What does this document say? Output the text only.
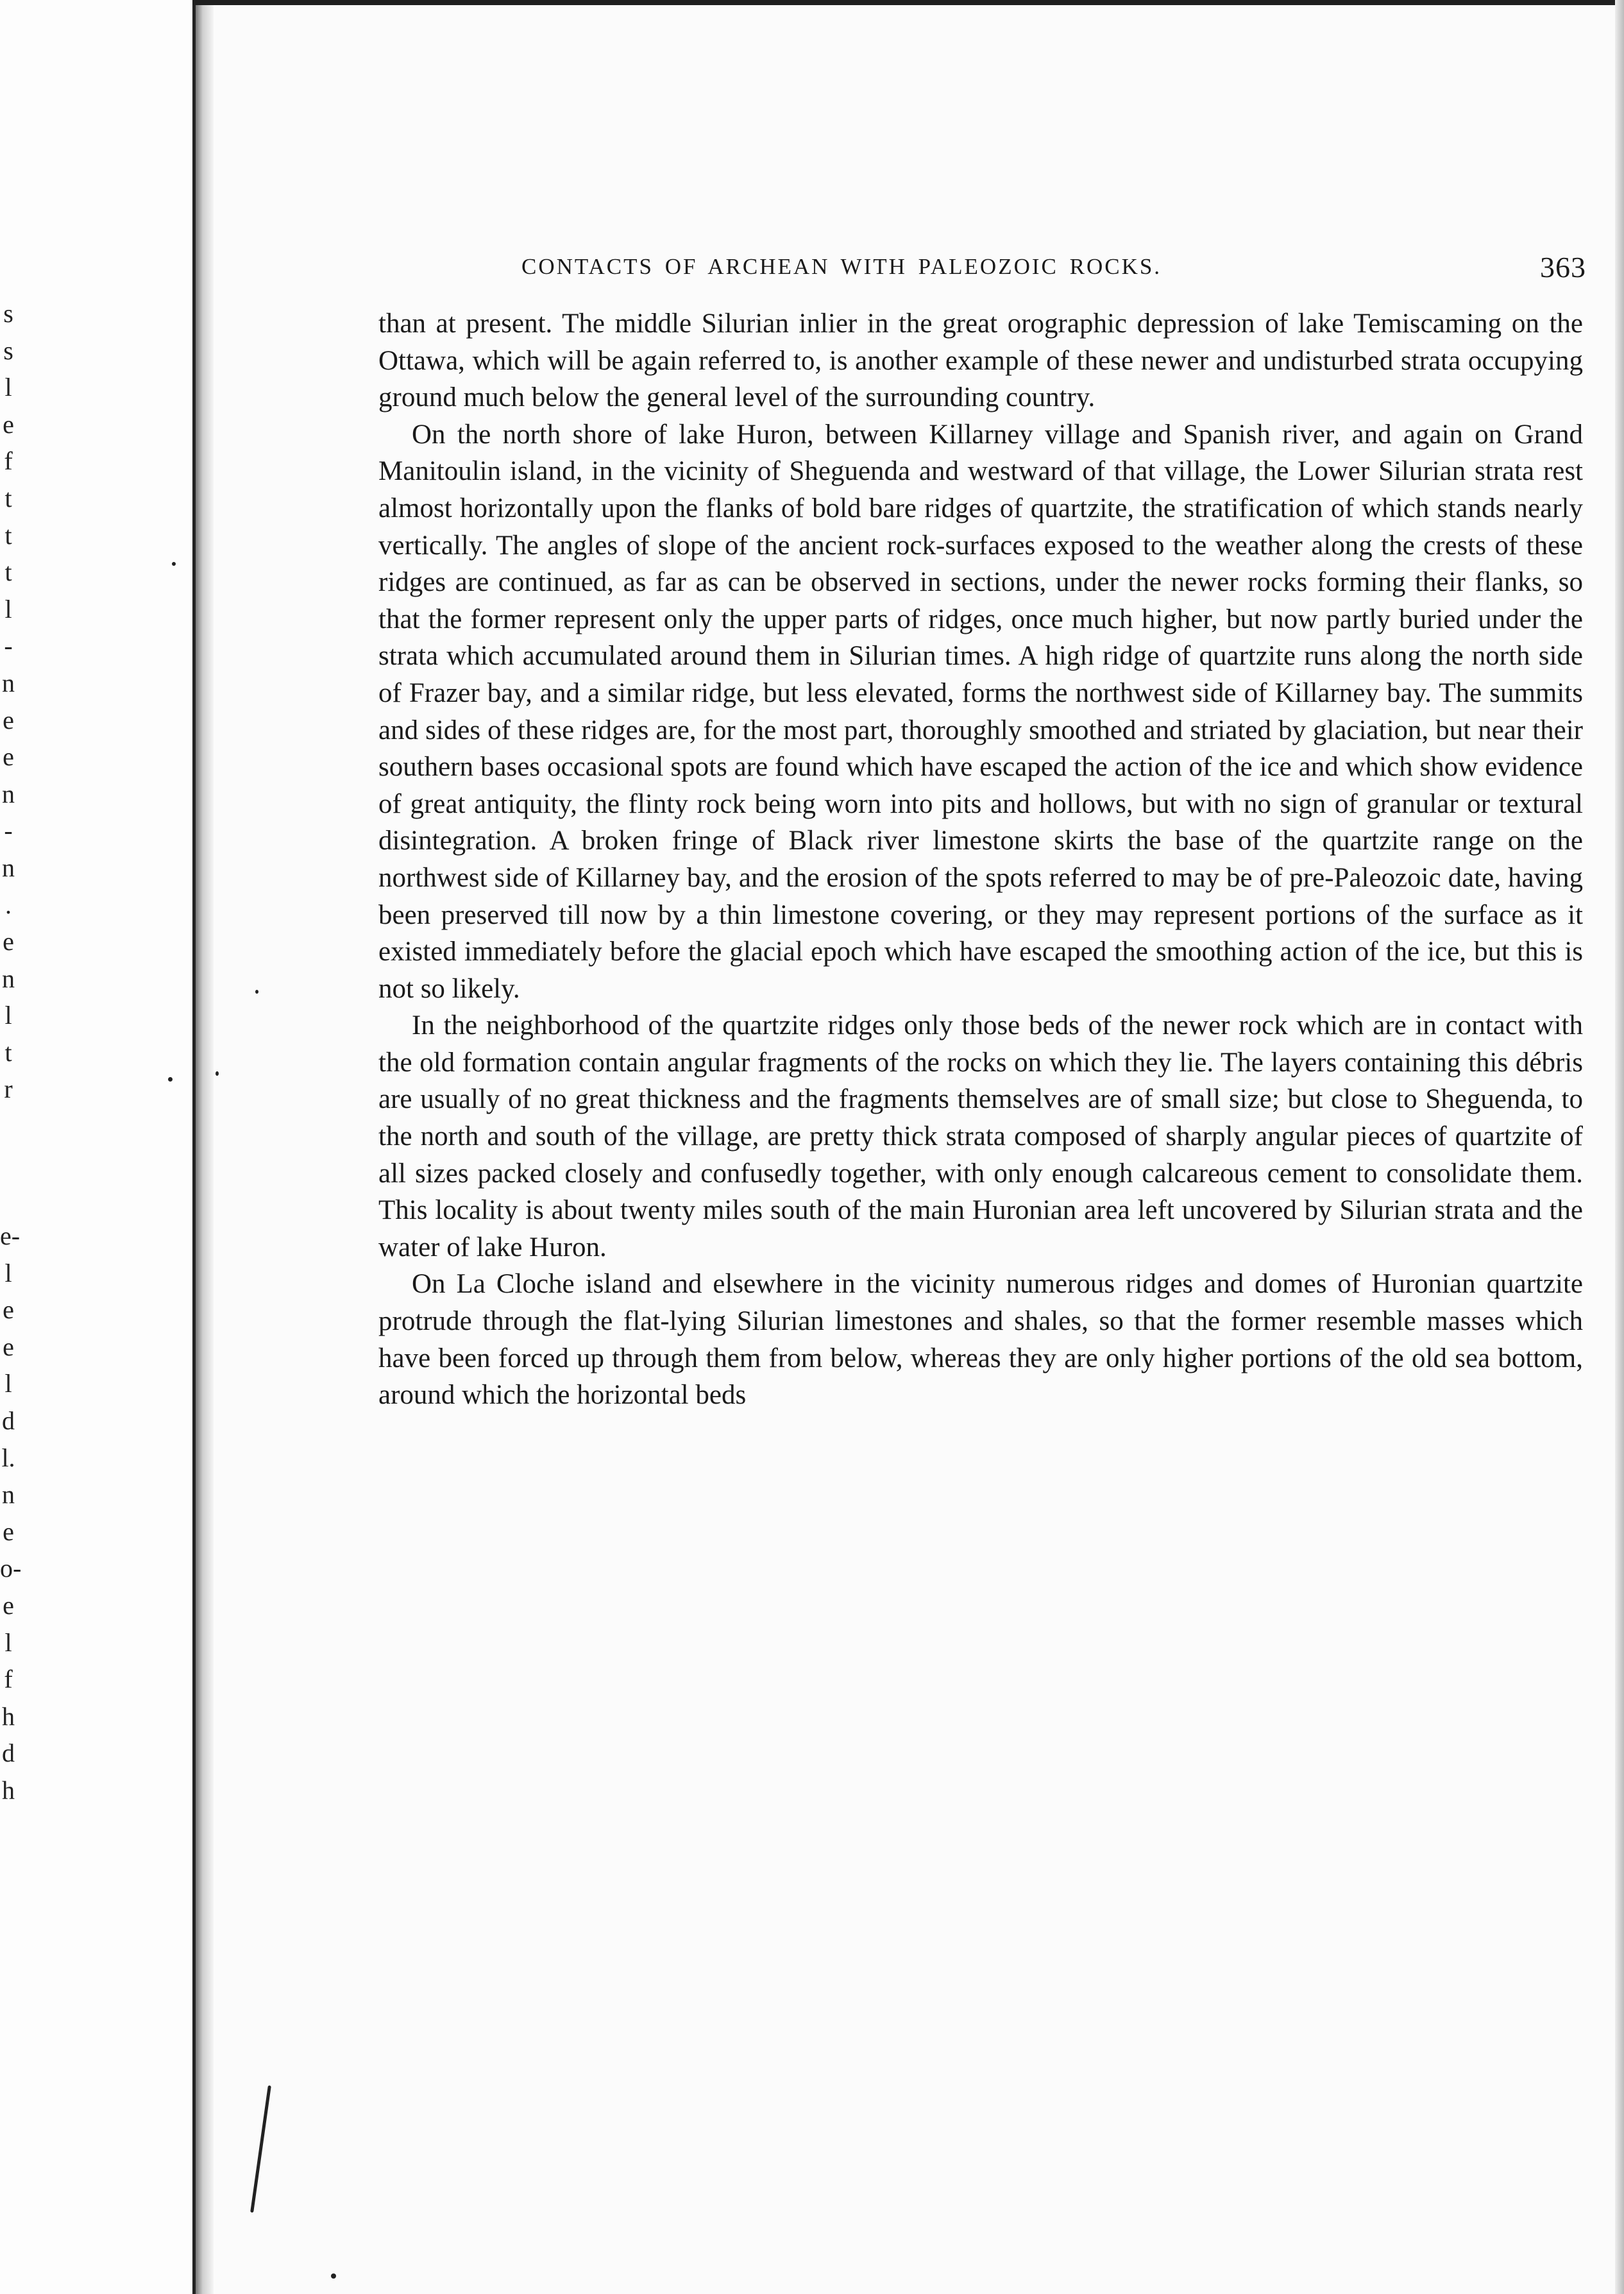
s
s
l
e
f
t
t
t
l
-
n
e
e
n
-
n
.
e
n
l
t
r
e-
l
e
e
l
d
l.
n
e
o-
e
l
f
h
d
h
CONTACTS OF ARCHEAN WITH PALEOZOIC ROCKS.	363

than at present. The middle Silurian inlier in the great orographic depression of lake Temiscaming on the Ottawa, which will be again referred to, is another example of these newer and undisturbed strata occupying ground much below the general level of the surrounding country.

On the north shore of lake Huron, between Killarney village and Spanish river, and again on Grand Manitoulin island, in the vicinity of Sheguenda and westward of that village, the Lower Silurian strata rest almost horizontally upon the flanks of bold bare ridges of quartzite, the stratification of which stands nearly vertically. The angles of slope of the ancient rock-surfaces exposed to the weather along the crests of these ridges are continued, as far as can be observed in sections, under the newer rocks forming their flanks, so that the former represent only the upper parts of ridges, once much higher, but now partly buried under the strata which accumulated around them in Silurian times. A high ridge of quartzite runs along the north side of Frazer bay, and a similar ridge, but less elevated, forms the northwest side of Killarney bay. The summits and sides of these ridges are, for the most part, thoroughly smoothed and striated by glaciation, but near their southern bases occasional spots are found which have escaped the action of the ice and which show evidence of great antiquity, the flinty rock being worn into pits and hollows, but with no sign of granular or textural disintegration. A broken fringe of Black river limestone skirts the base of the quartzite range on the northwest side of Killarney bay, and the erosion of the spots referred to may be of pre-Paleozoic date, having been preserved till now by a thin limestone covering, or they may represent portions of the surface as it existed immediately before the glacial epoch which have escaped the smoothing action of the ice, but this is not so likely.

In the neighborhood of the quartzite ridges only those beds of the newer rock which are in contact with the old formation contain angular fragments of the rocks on which they lie. The layers containing this débris are usually of no great thickness and the fragments themselves are of small size; but close to Sheguenda, to the north and south of the village, are pretty thick strata composed of sharply angular pieces of quartzite of all sizes packed closely and confusedly together, with only enough calcareous cement to consolidate them. This locality is about twenty miles south of the main Huronian area left uncovered by Silurian strata and the water of lake Huron.

On La Cloche island and elsewhere in the vicinity numerous ridges and domes of Huronian quartzite protrude through the flat-lying Silurian limestones and shales, so that the former resemble masses which have been forced up through them from below, whereas they are only higher portions of the old sea bottom, around which the horizontal beds
